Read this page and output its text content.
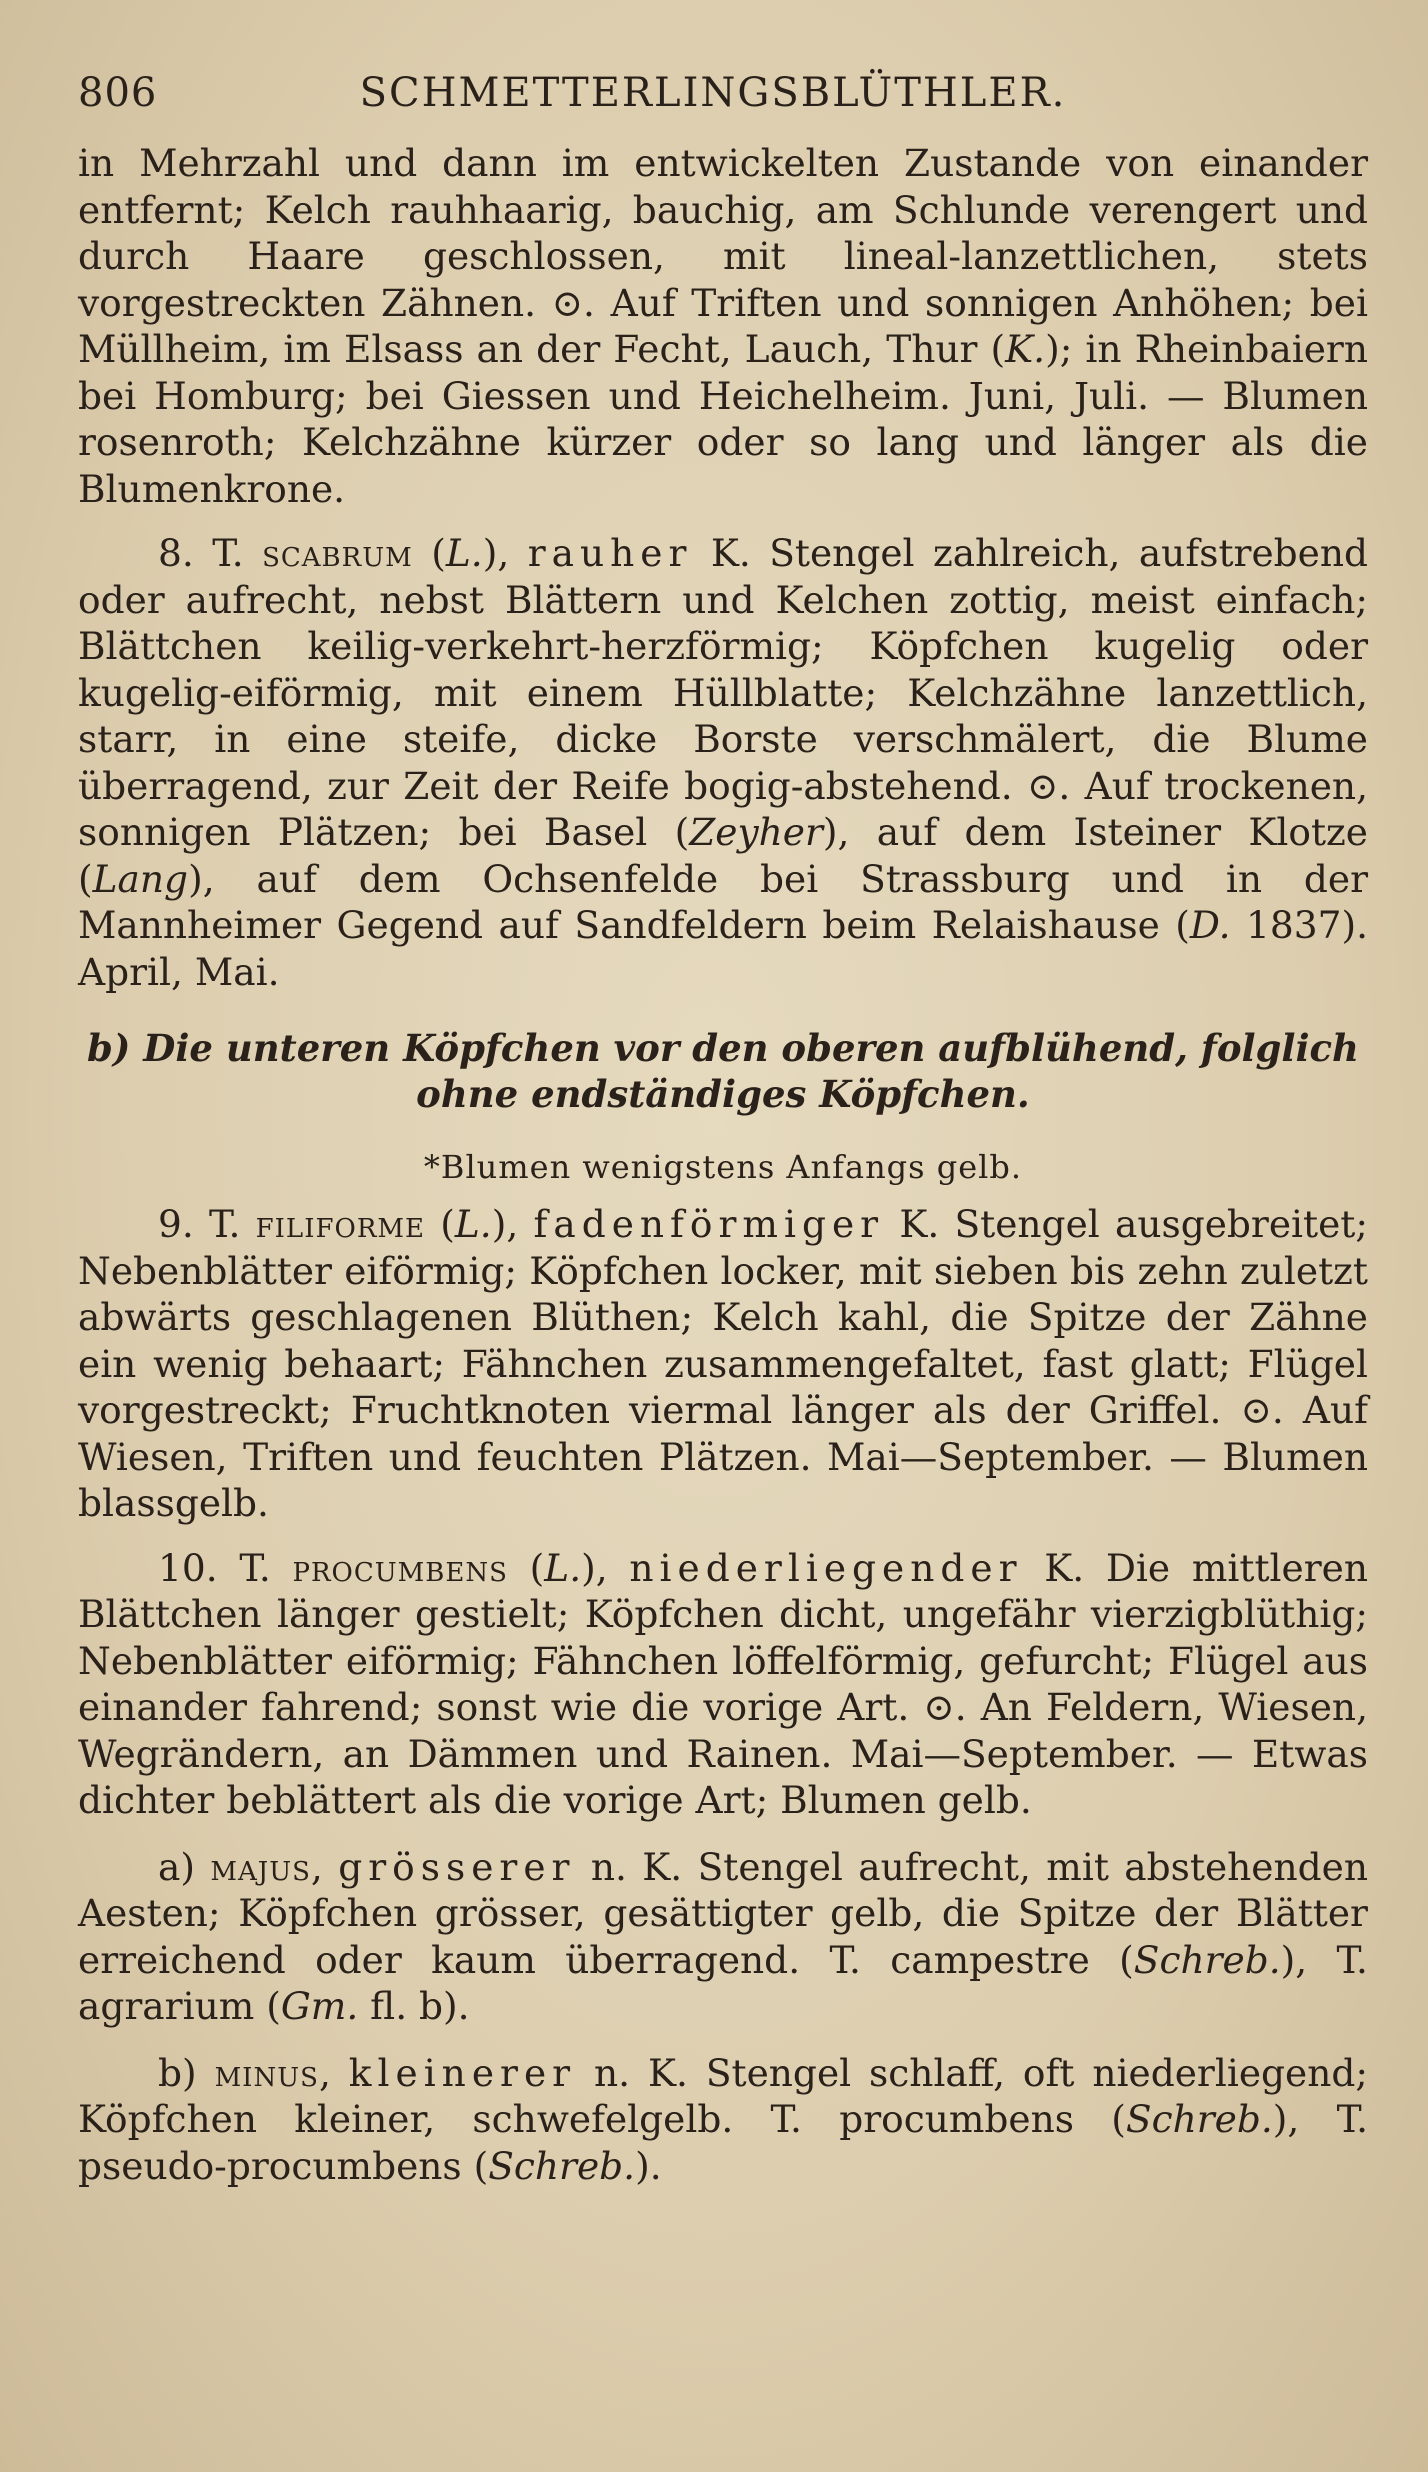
806	SCHMETTERLINGSBLÜTHLER.

in Mehrzahl und dann im entwickelten Zustande von einander entfernt; Kelch rauhhaarig, bauchig, am Schlunde verengert und durch Haare geschlossen, mit lineal-lanzettlichen, stets vorgestreckten Zähnen. ⊙. Auf Triften und sonnigen Anhöhen; bei Müllheim, im Elsass an der Fecht, Lauch, Thur (K.); in Rheinbaiern bei Homburg; bei Giessen und Heichelheim. Juni, Juli. — Blumen rosenroth; Kelchzähne kürzer oder so lang und länger als die Blumenkrone.

8. T. scabrum (L.), rauher K. Stengel zahlreich, aufstrebend oder aufrecht, nebst Blättern und Kelchen zottig, meist einfach; Blättchen keilig-verkehrt-herzförmig; Köpfchen kugelig oder kugelig-eiförmig, mit einem Hüllblatte; Kelchzähne lanzettlich, starr, in eine steife, dicke Borste verschmälert, die Blume überragend, zur Zeit der Reife bogig-abstehend. ⊙. Auf trockenen, sonnigen Plätzen; bei Basel (Zeyher), auf dem Isteiner Klotze (Lang), auf dem Ochsenfelde bei Strassburg und in der Mannheimer Gegend auf Sandfeldern beim Relaishause (D. 1837). April, Mai.

b) Die unteren Köpfchen vor den oberen aufblühend, folglich ohne endständiges Köpfchen.

*Blumen wenigstens Anfangs gelb.

9. T. filiforme (L.), fadenförmiger K. Stengel ausgebreitet; Nebenblätter eiförmig; Köpfchen locker, mit sieben bis zehn zuletzt abwärts geschlagenen Blüthen; Kelch kahl, die Spitze der Zähne ein wenig behaart; Fähnchen zusammengefaltet, fast glatt; Flügel vorgestreckt; Fruchtknoten viermal länger als der Griffel. ⊙. Auf Wiesen, Triften und feuchten Plätzen. Mai—September. — Blumen blassgelb.

10. T. procumbens (L.), niederliegender K. Die mittleren Blättchen länger gestielt; Köpfchen dicht, ungefähr vierzigblüthig; Nebenblätter eiförmig; Fähnchen löffelförmig, gefurcht; Flügel aus einander fahrend; sonst wie die vorige Art. ⊙. An Feldern, Wiesen, Wegrändern, an Dämmen und Rainen. Mai—September. — Etwas dichter beblättert als die vorige Art; Blumen gelb.

a) majus, grösserer n. K. Stengel aufrecht, mit abstehenden Aesten; Köpfchen grösser, gesättigter gelb, die Spitze der Blätter erreichend oder kaum überragend. T. campestre (Schreb.), T. agrarium (Gm. fl. b).

b) minus, kleinerer n. K. Stengel schlaff, oft niederliegend; Köpfchen kleiner, schwefelgelb. T. procumbens (Schreb.), T. pseudo-procumbens (Schreb.).
